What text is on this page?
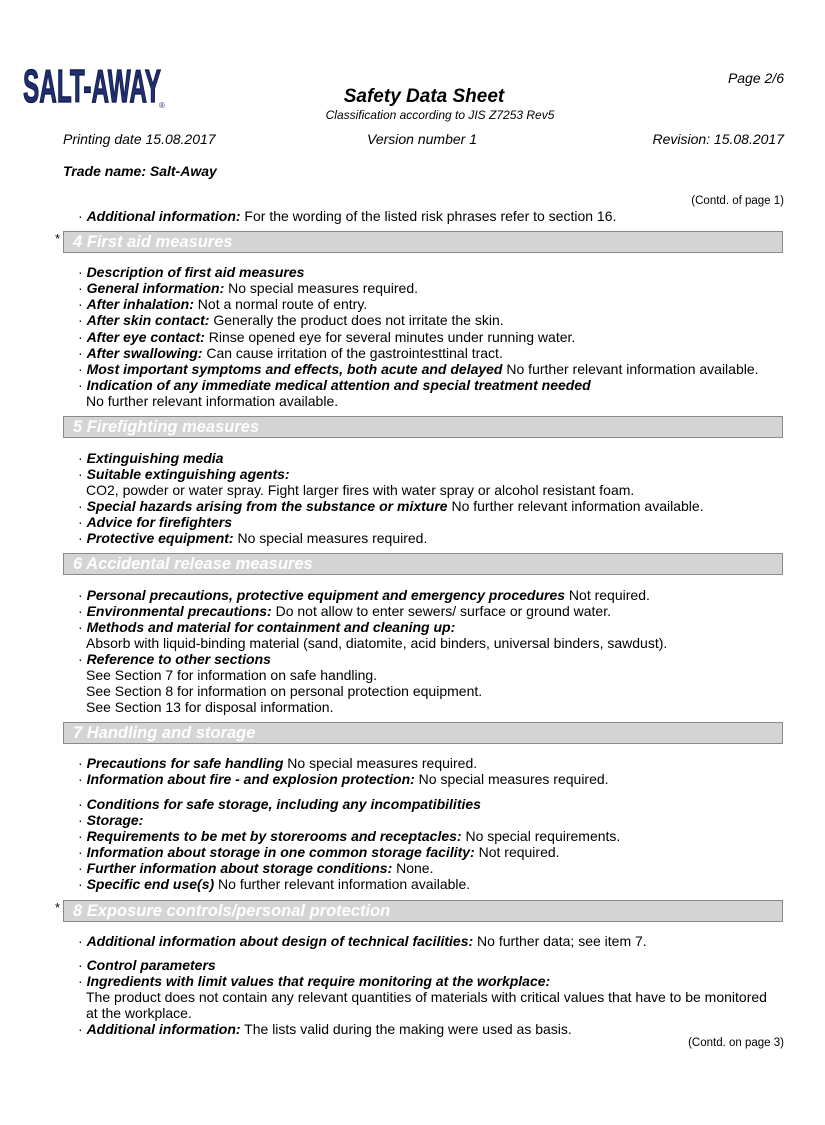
SALT-AWAY
®
Page 2/6
Safety Data Sheet
Classification according to JIS Z7253 Rev5
Printing date 15.08.2017	Version number 1	Revision: 15.08.2017
Trade name: Salt-Away
(Contd. of page 1)
· Additional information: For the wording of the listed risk phrases refer to section 16.
* 4 First aid measures
· Description of first aid measures
· General information: No special measures required.
· After inhalation: Not a normal route of entry.
· After skin contact: Generally the product does not irritate the skin.
· After eye contact: Rinse opened eye for several minutes under running water.
· After swallowing: Can cause irritation of the gastrointesttinal tract.
· Most important symptoms and effects, both acute and delayed No further relevant information available.
· Indication of any immediate medical attention and special treatment needed
No further relevant information available.
5 Firefighting measures
· Extinguishing media
· Suitable extinguishing agents:
CO2, powder or water spray. Fight larger fires with water spray or alcohol resistant foam.
· Special hazards arising from the substance or mixture No further relevant information available.
· Advice for firefighters
· Protective equipment: No special measures required.
6 Accidental release measures
· Personal precautions, protective equipment and emergency procedures Not required.
· Environmental precautions: Do not allow to enter sewers/ surface or ground water.
· Methods and material for containment and cleaning up:
Absorb with liquid-binding material (sand, diatomite, acid binders, universal binders, sawdust).
· Reference to other sections
See Section 7 for information on safe handling.
See Section 8 for information on personal protection equipment.
See Section 13 for disposal information.
7 Handling and storage
· Precautions for safe handling No special measures required.
· Information about fire - and explosion protection: No special measures required.
· Conditions for safe storage, including any incompatibilities
· Storage:
· Requirements to be met by storerooms and receptacles: No special requirements.
· Information about storage in one common storage facility: Not required.
· Further information about storage conditions: None.
· Specific end use(s) No further relevant information available.
* 8 Exposure controls/personal protection
· Additional information about design of technical facilities: No further data; see item 7.
· Control parameters
· Ingredients with limit values that require monitoring at the workplace:
The product does not contain any relevant quantities of materials with critical values that have to be monitored
at the workplace.
· Additional information: The lists valid during the making were used as basis.
(Contd. on page 3)
